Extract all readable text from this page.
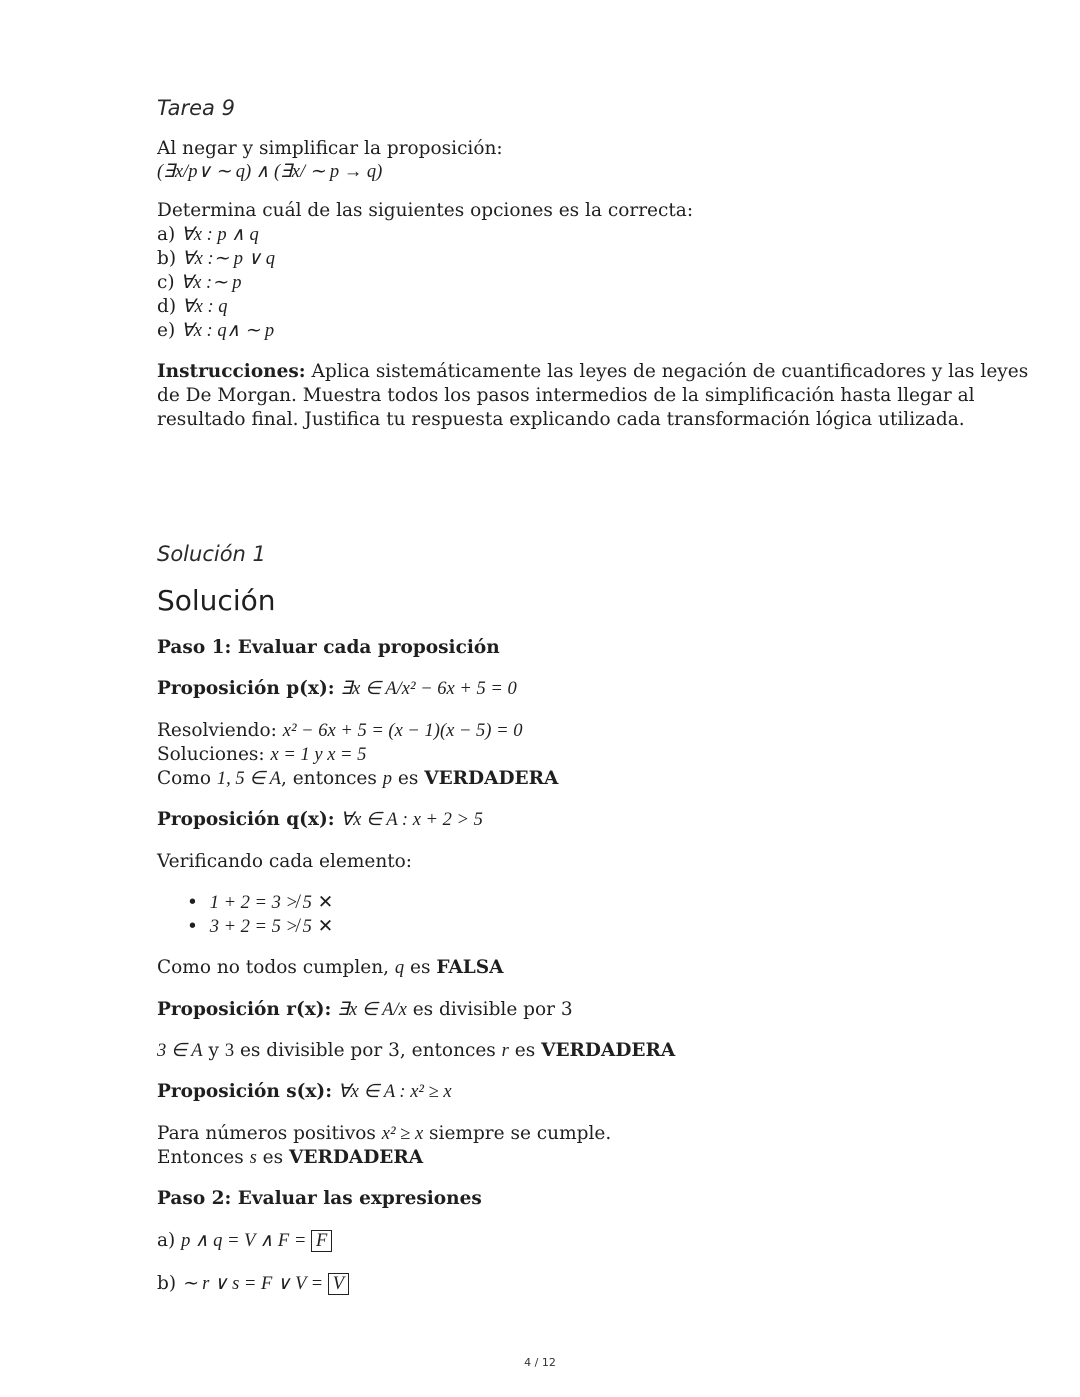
Tarea 9
Al negar y simplificar la proposición:
(∃x/p∨ ∼ q) ∧ (∃x/ ∼ p → q)
Determina cuál de las siguientes opciones es la correcta:
a) ∀x : p ∧ q
b) ∀x :∼ p ∨ q
c) ∀x :∼ p
d) ∀x : q
e) ∀x : q∧ ∼ p
Instrucciones: Aplica sistemáticamente las leyes de negación de cuantificadores y las leyes
de De Morgan. Muestra todos los pasos intermedios de la simplificación hasta llegar al
resultado final. Justifica tu respuesta explicando cada transformación lógica utilizada.
Solución 1
Solución
Paso 1: Evaluar cada proposición
Proposición p(x): ∃x ∈ A/x² − 6x + 5 = 0
Resolviendo: x² − 6x + 5 = (x − 1)(x − 5) = 0
Soluciones: x = 1 y x = 5
Como 1, 5 ∈ A, entonces p es VERDADERA
Proposición q(x): ∀x ∈ A : x + 2 > 5
Verificando cada elemento:
•  1 + 2 = 3 ≯ 5 ✕
•  3 + 2 = 5 ≯ 5 ✕
Como no todos cumplen, q es FALSA
Proposición r(x): ∃x ∈ A/x es divisible por 3
3 ∈ A y 3 es divisible por 3, entonces r es VERDADERA
Proposición s(x): ∀x ∈ A : x² ≥ x
Para números positivos x² ≥ x siempre se cumple.
Entonces s es VERDADERA
Paso 2: Evaluar las expresiones
a) p ∧ q = V ∧ F = F
b) ∼ r ∨ s = F ∨ V = V
4 / 12
